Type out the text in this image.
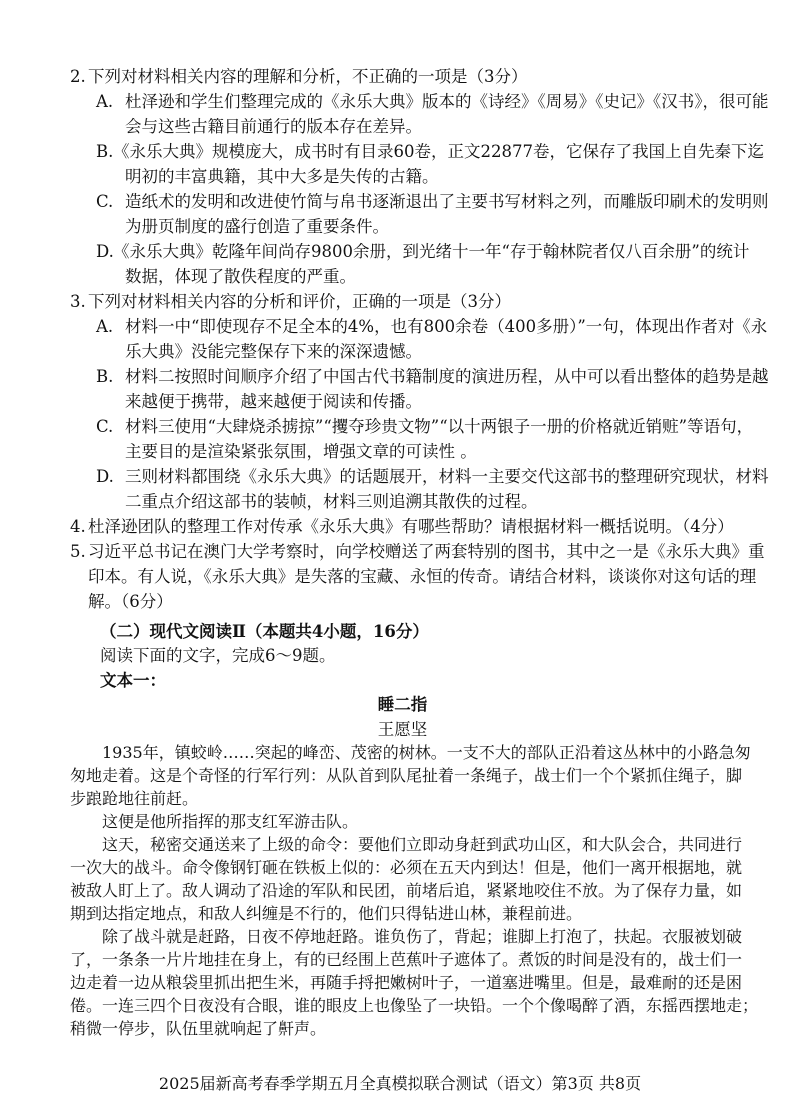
2. 下列对材料相关内容的理解和分析，不正确的一项是（3分）
A. 杜泽逊和学生们整理完成的《永乐大典》版本的《诗经》《周易》《史记》《汉书》，很可能
会与这些古籍目前通行的版本存在差异。
B. 《永乐大典》规模庞大，成书时有目录60卷，正文22877卷，它保存了我国上自先秦下迄
明初的丰富典籍，其中大多是失传的古籍。
C. 造纸术的发明和改进使竹简与帛书逐渐退出了主要书写材料之列，而雕版印刷术的发明则
为册页制度的盛行创造了重要条件。
D. 《永乐大典》乾隆年间尚存9800余册，到光绪十一年“存于翰林院者仅八百余册”的统计
数据，体现了散佚程度的严重。
3. 下列对材料相关内容的分析和评价，正确的一项是（3分）
A. 材料一中“即使现存不足全本的4%，也有800余卷（400多册）”一句，体现出作者对《永
乐大典》没能完整保存下来的深深遗憾。
B. 材料二按照时间顺序介绍了中国古代书籍制度的演进历程，从中可以看出整体的趋势是越
来越便于携带，越来越便于阅读和传播。
C. 材料三使用“大肆烧杀掳掠”“攫夺珍贵文物”“以十两银子一册的价格就近销赃”等语句，
主要目的是渲染紧张氛围，增强文章的可读性 。
D. 三则材料都围绕《永乐大典》的话题展开，材料一主要交代这部书的整理研究现状，材料
二重点介绍这部书的装帧，材料三则追溯其散佚的过程。
4. 杜泽逊团队的整理工作对传承《永乐大典》有哪些帮助？请根据材料一概括说明。（4分）
5. 习近平总书记在澳门大学考察时，向学校赠送了两套特别的图书，其中之一是《永乐大典》重
印本。有人说，《永乐大典》是失落的宝藏、永恒的传奇。请结合材料，谈谈你对这句话的理
解。（6分）
（二）现代文阅读Ⅱ（本题共4小题，16分）
阅读下面的文字，完成6～9题。
文本一：
睡二指
王愿坚
1935年，镇蛟岭……突起的峰峦、茂密的树林。一支不大的部队正沿着这丛林中的小路急匆
匆地走着。这是个奇怪的行军行列：从队首到队尾扯着一条绳子，战士们一个个紧抓住绳子，脚
步踉跄地往前赶。
这便是他所指挥的那支红军游击队。
这天，秘密交通送来了上级的命令：要他们立即动身赶到武功山区，和大队会合，共同进行
一次大的战斗。命令像钢钉砸在铁板上似的：必须在五天内到达！但是，他们一离开根据地，就
被敌人盯上了。敌人调动了沿途的军队和民团，前堵后追，紧紧地咬住不放。为了保存力量，如
期到达指定地点，和敌人纠缠是不行的，他们只得钻进山林，兼程前进。
除了战斗就是赶路，日夜不停地赶路。谁负伤了，背起；谁脚上打泡了，扶起。衣服被划破
了，一条条一片片地挂在身上，有的已经围上芭蕉叶子遮体了。煮饭的时间是没有的，战士们一
边走着一边从粮袋里抓出把生米，再随手捋把嫩树叶子，一道塞进嘴里。但是，最难耐的还是困
倦。一连三四个日夜没有合眼，谁的眼皮上也像坠了一块铅。一个个像喝醉了酒，东摇西摆地走；
稍微一停步，队伍里就响起了鼾声。
2025届新高考春季学期五月全真模拟联合测试（语文）第3页 共8页
